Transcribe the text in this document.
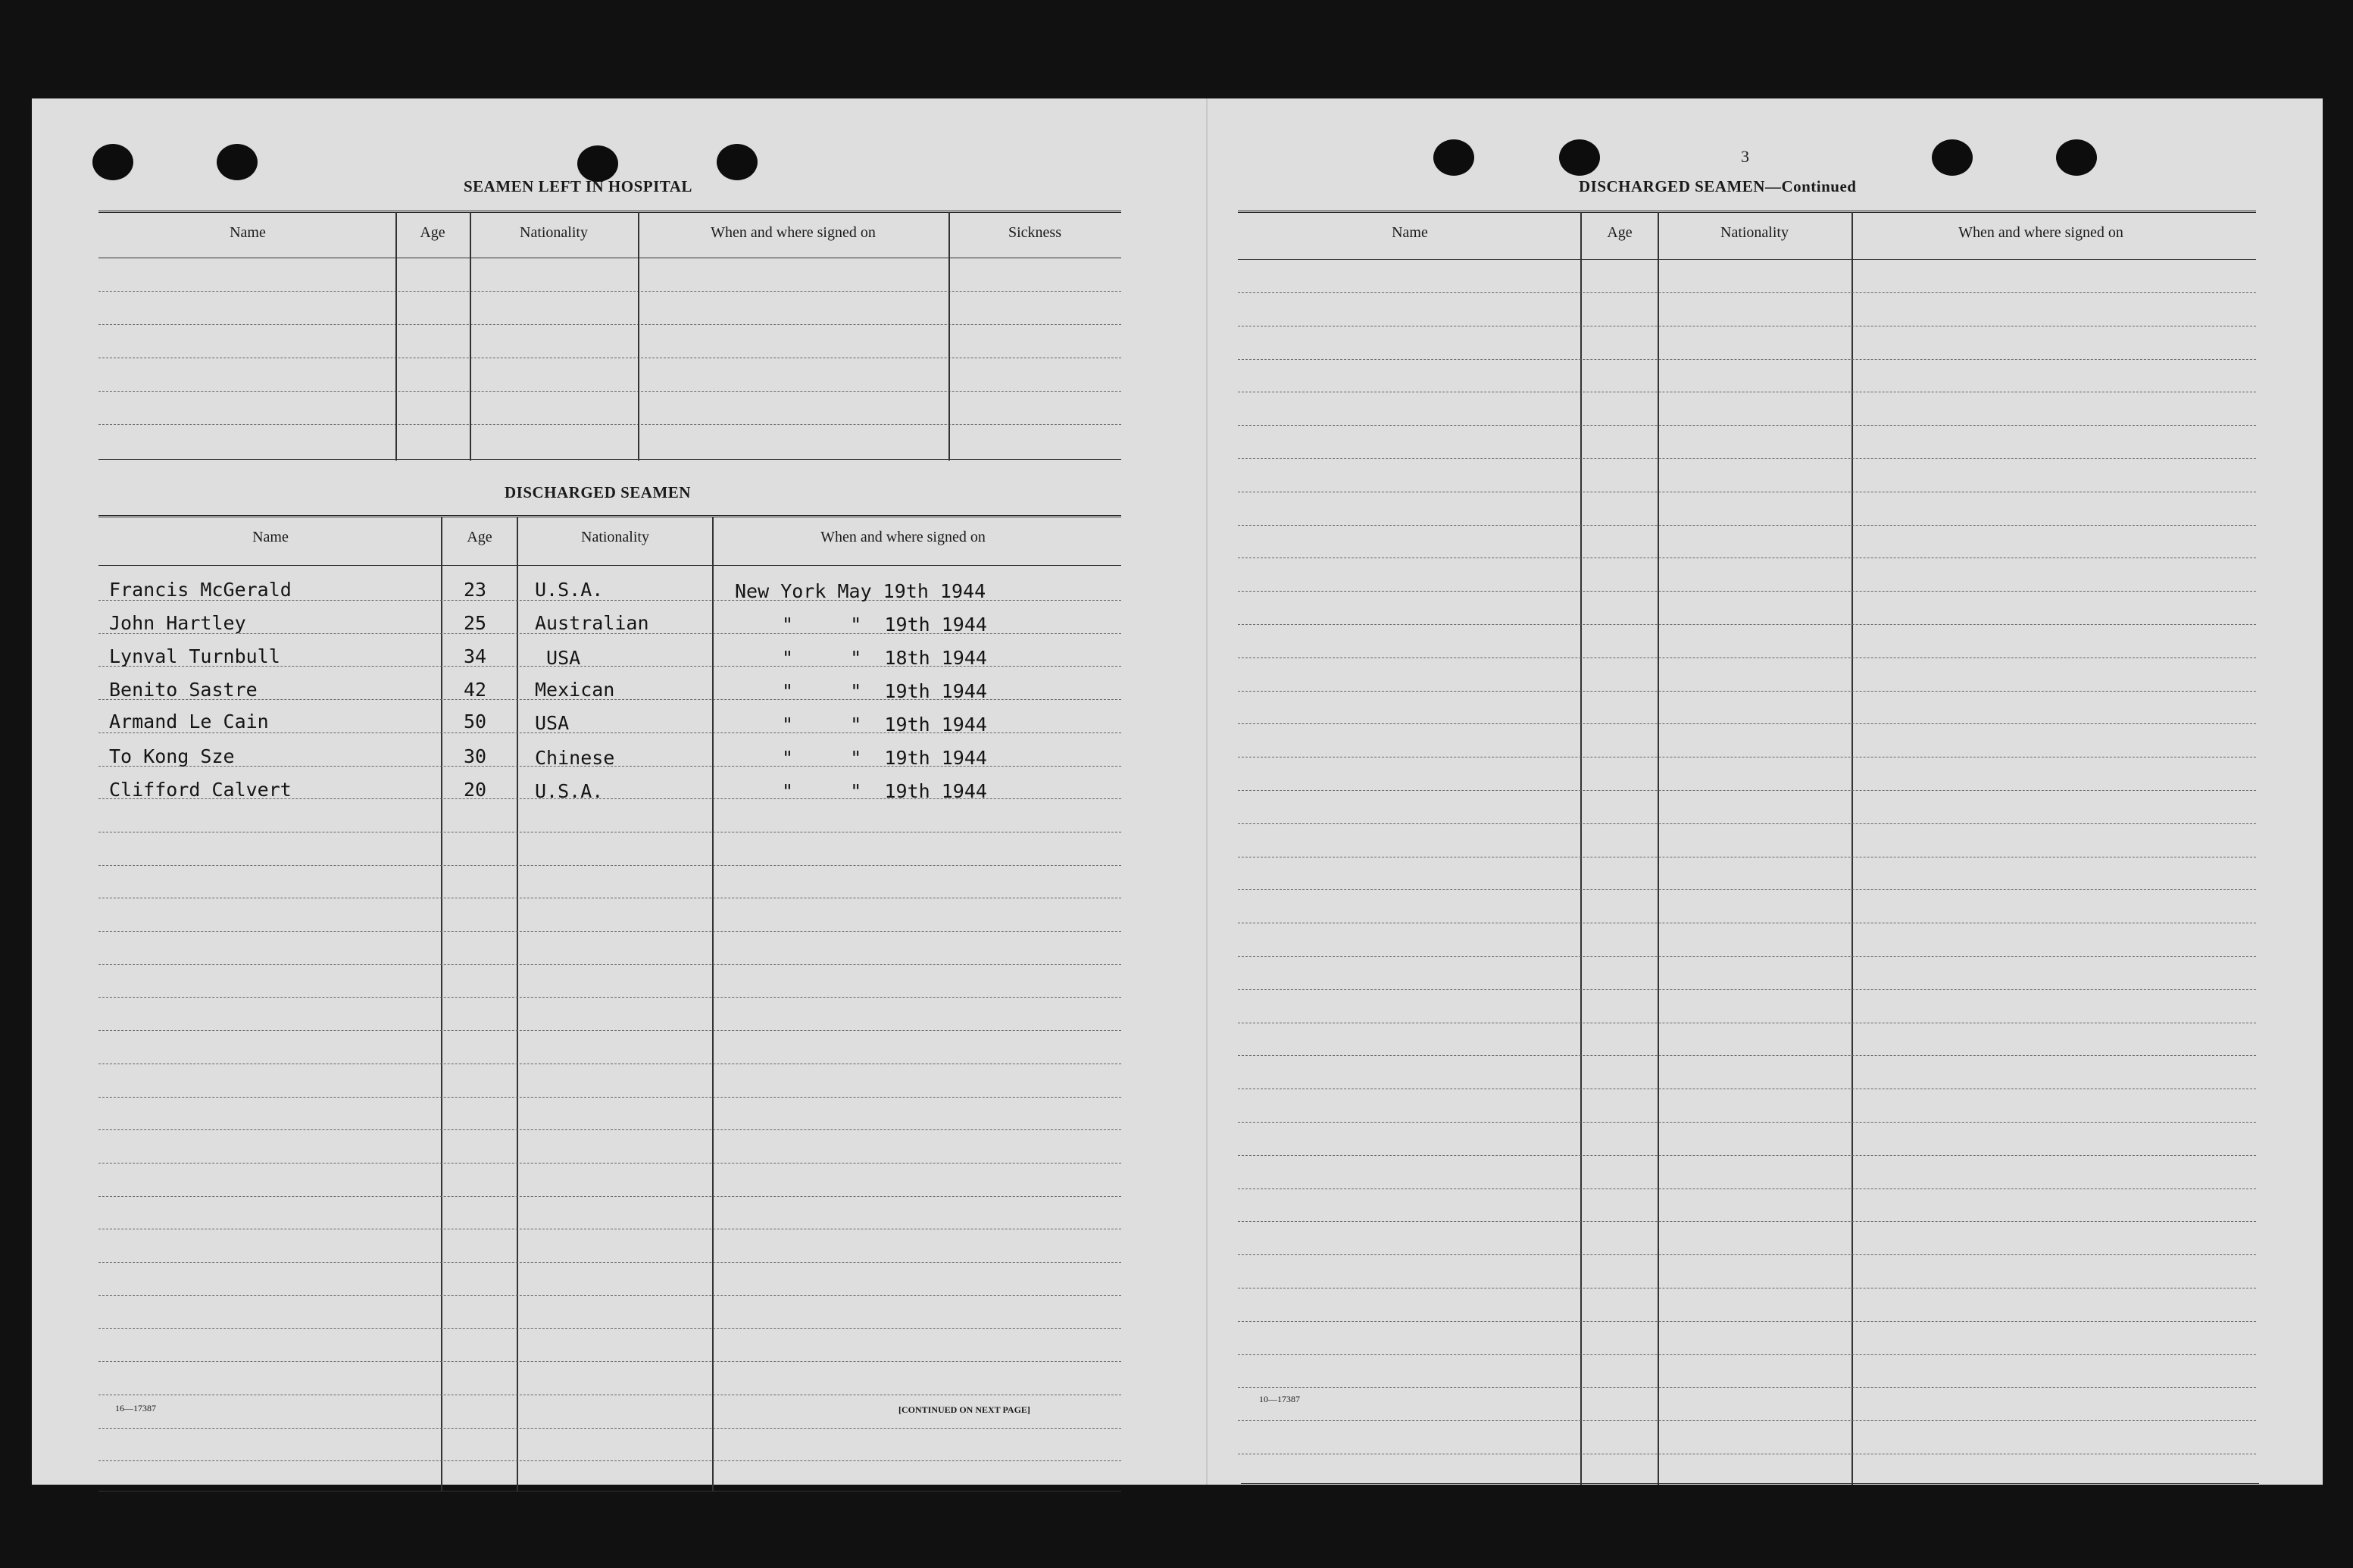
SEAMEN LEFT IN HOSPITAL
Name	Age	Nationality	When and where signed on	Sickness
DISCHARGED SEAMEN
Name	Age	Nationality	When and where signed on
Francis McGerald	23	U.S.A.	New York May 19th 1944
John Hartley	25	Australian	"     "  19th 1944
Lynval Turnbull	34	USA	"     "  18th 1944
Benito Sastre	42	Mexican	"     "  19th 1944
Armand Le Cain	50	USA	"     "  19th 1944
To Kong Sze	30	Chinese	"     "  19th 1944
Clifford Calvert	20	U.S.A.	"     "  19th 1944
16—17387	[CONTINUED ON NEXT PAGE]
3
DISCHARGED SEAMEN—Continued
Name	Age	Nationality	When and where signed on
10—17387
